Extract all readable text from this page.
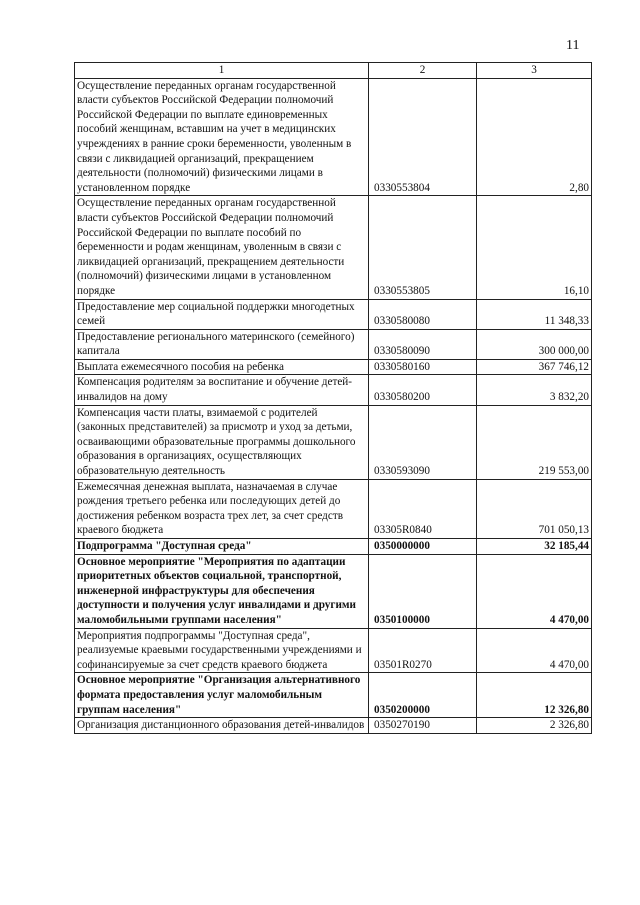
11
1	2	3
Осуществление переданных органам государственной власти субъектов Российской Федерации полномочий Российской Федерации по выплате единовременных пособий женщинам, вставшим на учет в медицинских учреждениях в ранние сроки беременности, уволенным в связи с ликвидацией организаций, прекращением деятельности (полномочий) физическими лицами в установленном порядке	0330553804	2,80
Осуществление переданных органам государственной власти субъектов Российской Федерации полномочий Российской Федерации по выплате пособий по беременности и родам женщинам, уволенным в связи с ликвидацией организаций, прекращением деятельности (полномочий) физическими лицами в установленном порядке	0330553805	16,10
Предоставление мер социальной поддержки многодетных семей	0330580080	11 348,33
Предоставление регионального материнского (семейного) капитала	0330580090	300 000,00
Выплата ежемесячного пособия на ребенка	0330580160	367 746,12
Компенсация родителям за воспитание и обучение детей-инвалидов на дому	0330580200	3 832,20
Компенсация части платы, взимаемой с родителей (законных представителей) за присмотр и уход за детьми, осваивающими образовательные программы дошкольного образования в организациях, осуществляющих образовательную деятельность	0330593090	219 553,00
Ежемесячная денежная выплата, назначаемая в случае рождения третьего ребенка или последующих детей до достижения ребенком возраста трех лет, за счет средств краевого бюджета	03305R0840	701 050,13
Подпрограмма "Доступная среда"	0350000000	32 185,44
Основное мероприятие "Мероприятия по адаптации приоритетных объектов социальной, транспортной, инженерной инфраструктуры для обеспечения доступности и получения услуг инвалидами и другими маломобильными группами населения"	0350100000	4 470,00
Мероприятия подпрограммы "Доступная среда", реализуемые краевыми государственными учреждениями и софинансируемые за счет средств краевого бюджета	03501R0270	4 470,00
Основное мероприятие "Организация альтернативного формата предоставления услуг маломобильным группам населения"	0350200000	12 326,80
Организация дистанционного образования детей-инвалидов	0350270190	2 326,80
